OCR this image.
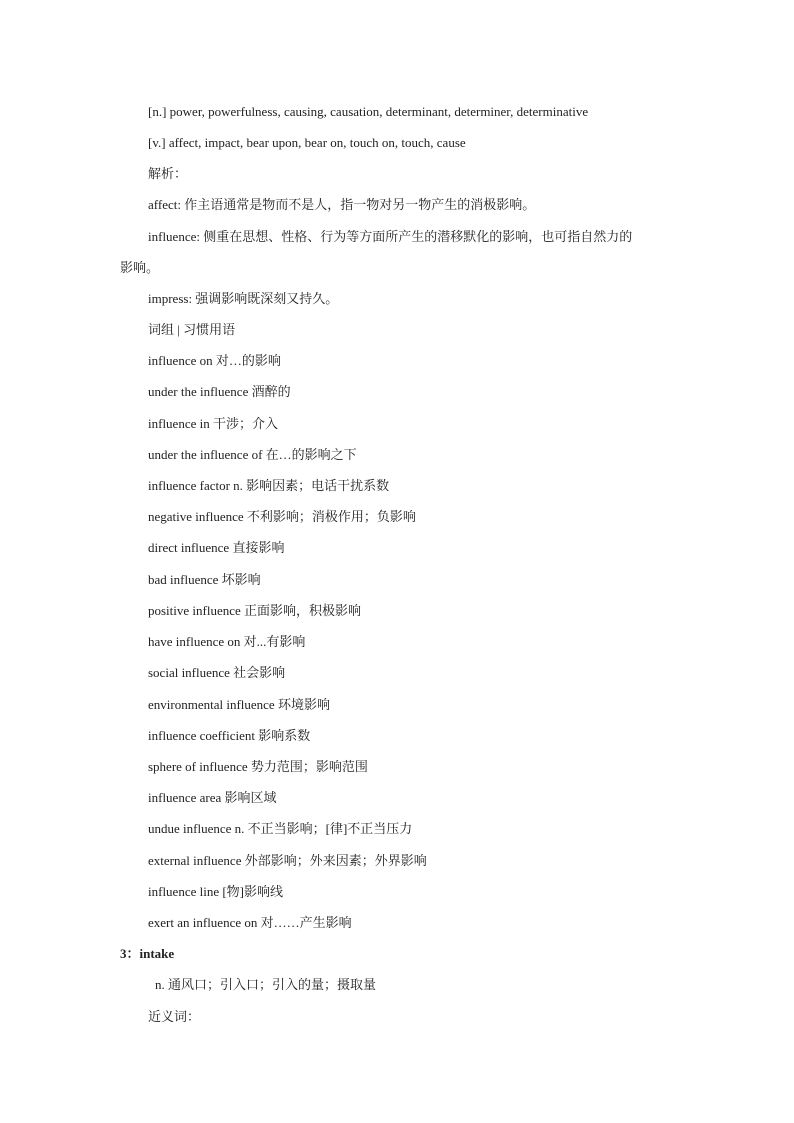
[n.] power, powerfulness, causing, causation, determinant, determiner, determinative
[v.] affect, impact, bear upon, bear on, touch on, touch, cause
解析：
affect: 作主语通常是物而不是人，指一物对另一物产生的消极影响。
influence: 侧重在思想、性格、行为等方面所产生的潜移默化的影响，也可指自然力的
影响。
impress: 强调影响既深刻又持久。
词组 | 习惯用语
influence on 对…的影响
under the influence 酒醉的
influence in 干涉；介入
under the influence of 在…的影响之下
influence factor n. 影响因素；电话干扰系数
negative influence 不利影响；消极作用；负影响
direct influence 直接影响
bad influence 坏影响
positive influence 正面影响，积极影响
have influence on 对...有影响
social influence 社会影响
environmental influence 环境影响
influence coefficient 影响系数
sphere of influence 势力范围；影响范围
influence area 影响区域
undue influence n. 不正当影响；[律]不正当压力
external influence 外部影响；外来因素；外界影响
influence line [物]影响线
exert an influence on 对……产生影响
3：intake
n. 通风口；引入口；引入的量；摄取量
近义词：
